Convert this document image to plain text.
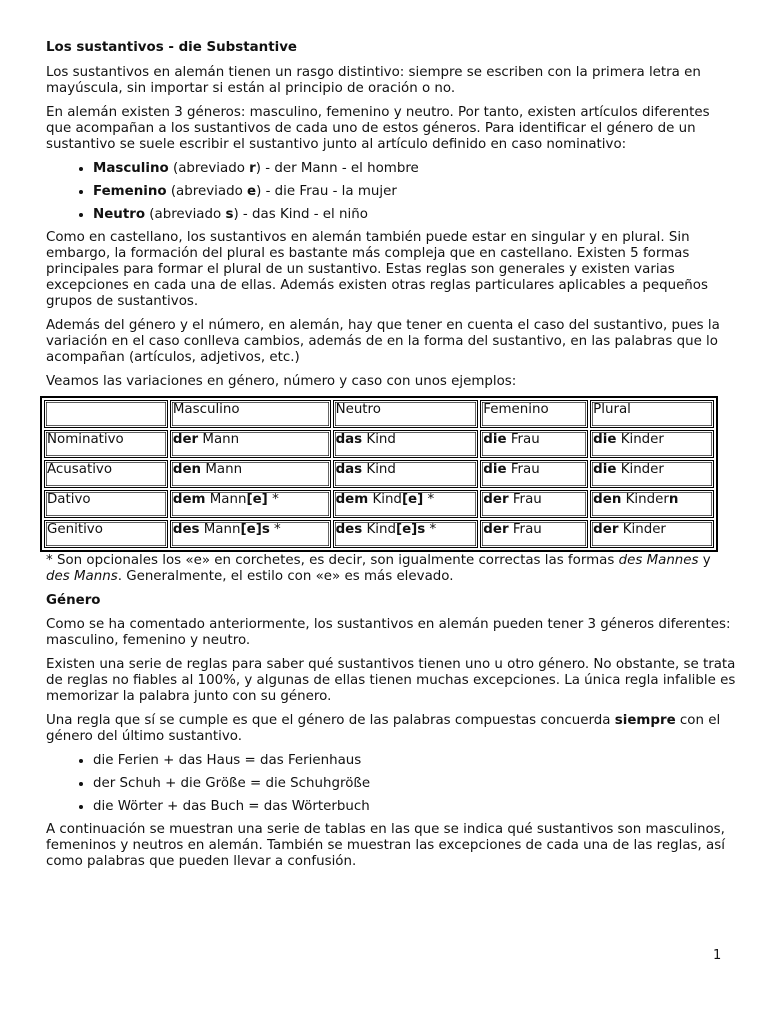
Los sustantivos - die Substantive

Los sustantivos en alemán tienen un rasgo distintivo: siempre se escriben con la primera letra en mayúscula, sin importar si están al principio de oración o no.

En alemán existen 3 géneros: masculino, femenino y neutro. Por tanto, existen artículos diferentes que acompañan a los sustantivos de cada uno de estos géneros. Para identificar el género de un sustantivo se suele escribir el sustantivo junto al artículo definido en caso nominativo:

• Masculino (abreviado r) - der Mann - el hombre
• Femenino (abreviado e) - die Frau - la mujer
• Neutro (abreviado s) - das Kind - el niño

Como en castellano, los sustantivos en alemán también puede estar en singular y en plural. Sin embargo, la formación del plural es bastante más compleja que en castellano. Existen 5 formas principales para formar el plural de un sustantivo. Estas reglas son generales y existen varias excepciones en cada una de ellas. Además existen otras reglas particulares aplicables a pequeños grupos de sustantivos.

Además del género y el número, en alemán, hay que tener en cuenta el caso del sustantivo, pues la variación en el caso conlleva cambios, además de en la forma del sustantivo, en las palabras que lo acompañan (artículos, adjetivos, etc.)

Veamos las variaciones en género, número y caso con unos ejemplos:

	Masculino	Neutro	Femenino	Plural
Nominativo	der Mann	das Kind	die Frau	die Kinder
Acusativo	den Mann	das Kind	die Frau	die Kinder
Dativo	dem Mann[e] *	dem Kind[e] *	der Frau	den Kindern
Genitivo	des Mann[e]s *	des Kind[e]s *	der Frau	der Kinder

* Son opcionales los «e» en corchetes, es decir, son igualmente correctas las formas des Mannes y des Manns. Generalmente, el estilo con «e» es más elevado.

Género

Como se ha comentado anteriormente, los sustantivos en alemán pueden tener 3 géneros diferentes: masculino, femenino y neutro.

Existen una serie de reglas para saber qué sustantivos tienen uno u otro género. No obstante, se trata de reglas no fiables al 100%, y algunas de ellas tienen muchas excepciones. La única regla infalible es memorizar la palabra junto con su género.

Una regla que sí se cumple es que el género de las palabras compuestas concuerda siempre con el género del último sustantivo.

• die Ferien + das Haus = das Ferienhaus
• der Schuh + die Größe = die Schuhgröße
• die Wörter + das Buch = das Wörterbuch

A continuación se muestran una serie de tablas en las que se indica qué sustantivos son masculinos, femeninos y neutros en alemán. También se muestran las excepciones de cada una de las reglas, así como palabras que pueden llevar a confusión.

1
